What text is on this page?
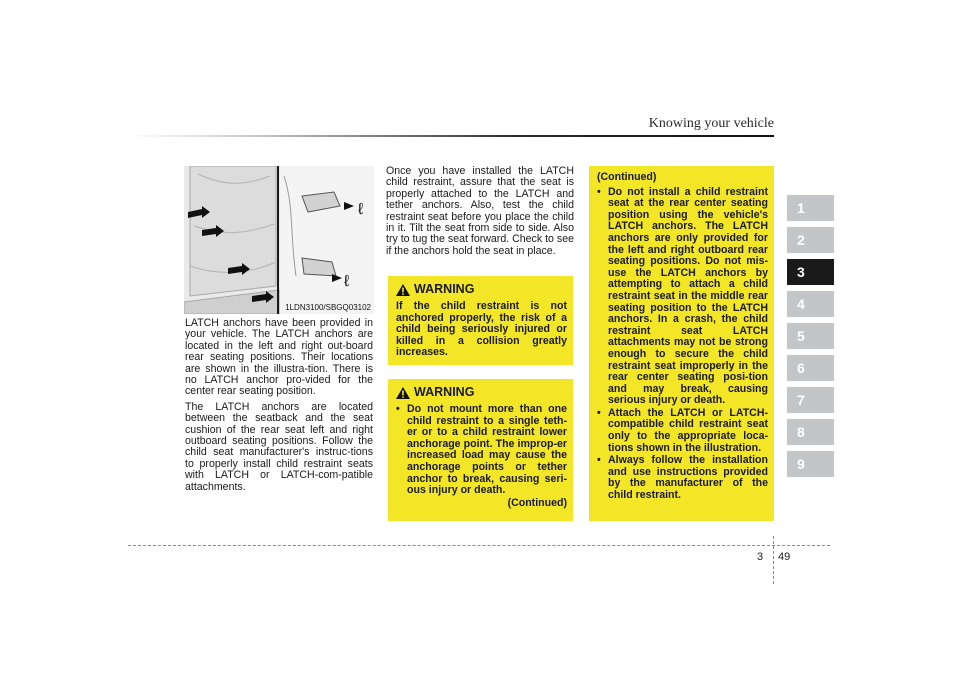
Knowing your vehicle
1
2
3
4
5
6
7
8
9
ℓ
ℓ
1LDN3100/SBGQ03102

LATCH anchors have been provided in your vehicle. The LATCH anchors are located in the left and right out-board rear seating positions. Their locations are shown in the illustra-tion. There is no LATCH anchor pro-vided for the center rear seating position.

The LATCH anchors are located between the seatback and the seat cushion of the rear seat left and right outboard seating positions. Follow the child seat manufacturer's instruc-tions to properly install child restraint seats with LATCH or LATCH-com-patible attachments.

Once you have installed the LATCH child restraint, assure that the seat is properly attached to the LATCH and tether anchors. Also, test the child restraint seat before you place the child in it. Tilt the seat from side to side. Also try to tug the seat forward. Check to see if the anchors hold the seat in place.

WARNING
If the child restraint is not anchored properly, the risk of a child being seriously injured or killed in a collision greatly increases.
WARNING
• Do not mount more than one child restraint to a single teth-er or to a child restraint lower anchorage point. The improp-er increased load may cause the anchorage points or tether anchor to break, causing seri-ous injury or death.
(Continued)
(Continued)
• Do not install a child restraint seat at the rear center seating position using the vehicle's LATCH anchors. The LATCH anchors are only provided for the left and right outboard rear seating positions. Do not mis-use the LATCH anchors by attempting to attach a child restraint seat in the middle rear seating position to the LATCH anchors. In a crash, the child restraint seat LATCH attachments may not be strong enough to secure the child restraint seat improperly in the rear center seating posi-tion and may break, causing serious injury or death.
• Attach the LATCH or LATCH-compatible child restraint seat only to the appropriate loca-tions shown in the illustration.
• Always follow the installation and use instructions provided by the manufacturer of the child restraint.
3 49
